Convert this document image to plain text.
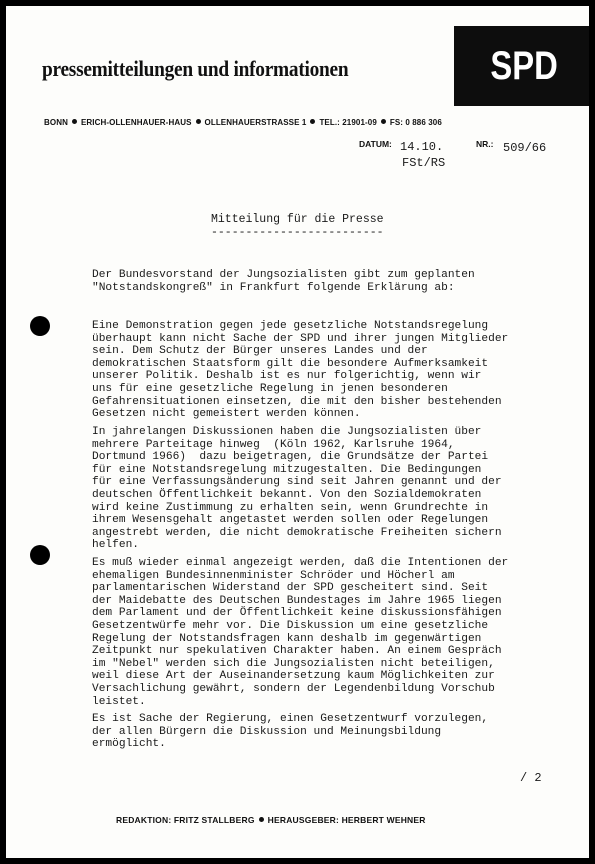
pressemitteilungen und informationen	SPD
BONN ERICH-OLLENHAUER-HAUS OLLENHAUERSTRASSE 1 TEL.: 21901-09 FS: 0 886 306
DATUM: 14.10.	NR.: 509/66
FSt/RS
Mitteilung für die Presse
-------------------------

Der Bundesvorstand der Jungsozialisten gibt zum geplanten
"Notstandskongreß" in Frankfurt folgende Erklärung ab:

Eine Demonstration gegen jede gesetzliche Notstandsregelung
überhaupt kann nicht Sache der SPD und ihrer jungen Mitglieder
sein. Dem Schutz der Bürger unseres Landes und der
demokratischen Staatsform gilt die besondere Aufmerksamkeit
unserer Politik. Deshalb ist es nur folgerichtig, wenn wir
uns für eine gesetzliche Regelung in jenen besonderen
Gefahrensituationen einsetzen, die mit den bisher bestehenden
Gesetzen nicht gemeistert werden können.

In jahrelangen Diskussionen haben die Jungsozialisten über
mehrere Parteitage hinweg  (Köln 1962, Karlsruhe 1964,
Dortmund 1966)  dazu beigetragen, die Grundsätze der Partei
für eine Notstandsregelung mitzugestalten. Die Bedingungen
für eine Verfassungsänderung sind seit Jahren genannt und der
deutschen Öffentlichkeit bekannt. Von den Sozialdemokraten
wird keine Zustimmung zu erhalten sein, wenn Grundrechte in
ihrem Wesensgehalt angetastet werden sollen oder Regelungen
angestrebt werden, die nicht demokratische Freiheiten sichern
helfen.

Es muß wieder einmal angezeigt werden, daß die Intentionen der
ehemaligen Bundesinnenminister Schröder und Höcherl am
parlamentarischen Widerstand der SPD gescheitert sind. Seit
der Maidebatte des Deutschen Bundestages im Jahre 1965 liegen
dem Parlament und der Öffentlichkeit keine diskussionsfähigen
Gesetzentwürfe mehr vor. Die Diskussion um eine gesetzliche
Regelung der Notstandsfragen kann deshalb im gegenwärtigen
Zeitpunkt nur spekulativen Charakter haben. An einem Gespräch
im "Nebel" werden sich die Jungsozialisten nicht beteiligen,
weil diese Art der Auseinandersetzung kaum Möglichkeiten zur
Versachlichung gewährt, sondern der Legendenbildung Vorschub
leistet.

Es ist Sache der Regierung, einen Gesetzentwurf vorzulegen,
der allen Bürgern die Diskussion und Meinungsbildung
ermöglicht.

/ 2
REDAKTION: FRITZ STALLBERG HERAUSGEBER: HERBERT WEHNER
